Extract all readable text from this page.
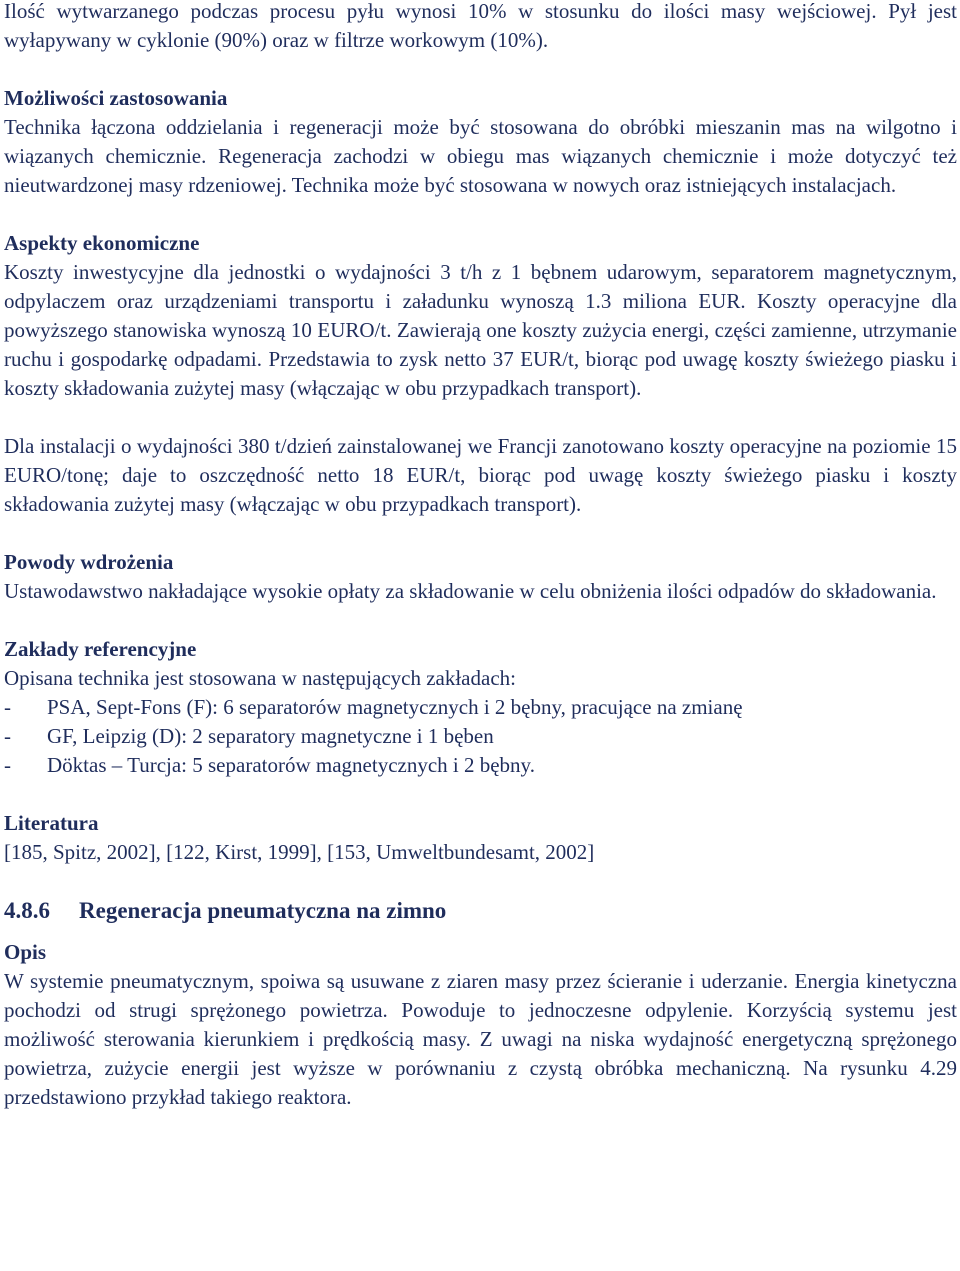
Ilość wytwarzanego podczas procesu pyłu wynosi 10% w stosunku do ilości masy wejściowej. Pył jest wyłapywany w cyklonie (90%) oraz w filtrze workowym (10%).

Możliwości zastosowania

Technika łączona oddzielania i regeneracji może być stosowana do obróbki mieszanin mas na wilgotno i wiązanych chemicznie. Regeneracja zachodzi w obiegu mas wiązanych chemicznie i może dotyczyć też nieutwardzonej masy rdzeniowej. Technika może być stosowana w nowych oraz istniejących instalacjach.

Aspekty ekonomiczne

Koszty inwestycyjne dla jednostki o wydajności 3 t/h z 1 bębnem udarowym, separatorem magnetycznym, odpylaczem oraz urządzeniami transportu i załadunku wynoszą 1.3 miliona EUR. Koszty operacyjne dla powyższego stanowiska wynoszą 10 EURO/t. Zawierają one koszty zużycia energi, części zamienne, utrzymanie ruchu i gospodarkę odpadami. Przedstawia to zysk netto 37 EUR/t, biorąc pod uwagę koszty świeżego piasku i koszty składowania zużytej masy (włączając w obu przypadkach transport).

Dla instalacji o wydajności 380 t/dzień zainstalowanej we Francji zanotowano koszty operacyjne na poziomie 15 EURO/tonę; daje to oszczędność netto 18 EUR/t, biorąc pod uwagę koszty świeżego piasku i koszty składowania zużytej masy (włączając w obu przypadkach transport).

Powody wdrożenia

Ustawodawstwo nakładające wysokie opłaty za składowanie w celu obniżenia ilości odpadów do składowania.

Zakłady referencyjne

Opisana technika jest stosowana w następujących zakładach:

- PSA, Sept-Fons (F): 6 separatorów magnetycznych i 2 bębny, pracujące na zmianę
- GF, Leipzig (D): 2 separatory magnetyczne i 1 bęben
- Döktas – Turcja: 5 separatorów magnetycznych i 2 bębny.

Literatura

[185, Spitz, 2002], [122, Kirst, 1999], [153, Umweltbundesamt, 2002]

4.8.6 Regeneracja pneumatyczna na zimno

Opis

W systemie pneumatycznym, spoiwa są usuwane z ziaren masy przez ścieranie i uderzanie. Energia kinetyczna pochodzi od strugi sprężonego powietrza. Powoduje to jednoczesne odpylenie. Korzyścią systemu jest możliwość sterowania kierunkiem i prędkością masy. Z uwagi na niska wydajność energetyczną sprężonego powietrza, zużycie energii jest wyższe w porównaniu z czystą obróbka mechaniczną. Na rysunku 4.29 przedstawiono przykład takiego reaktora.
